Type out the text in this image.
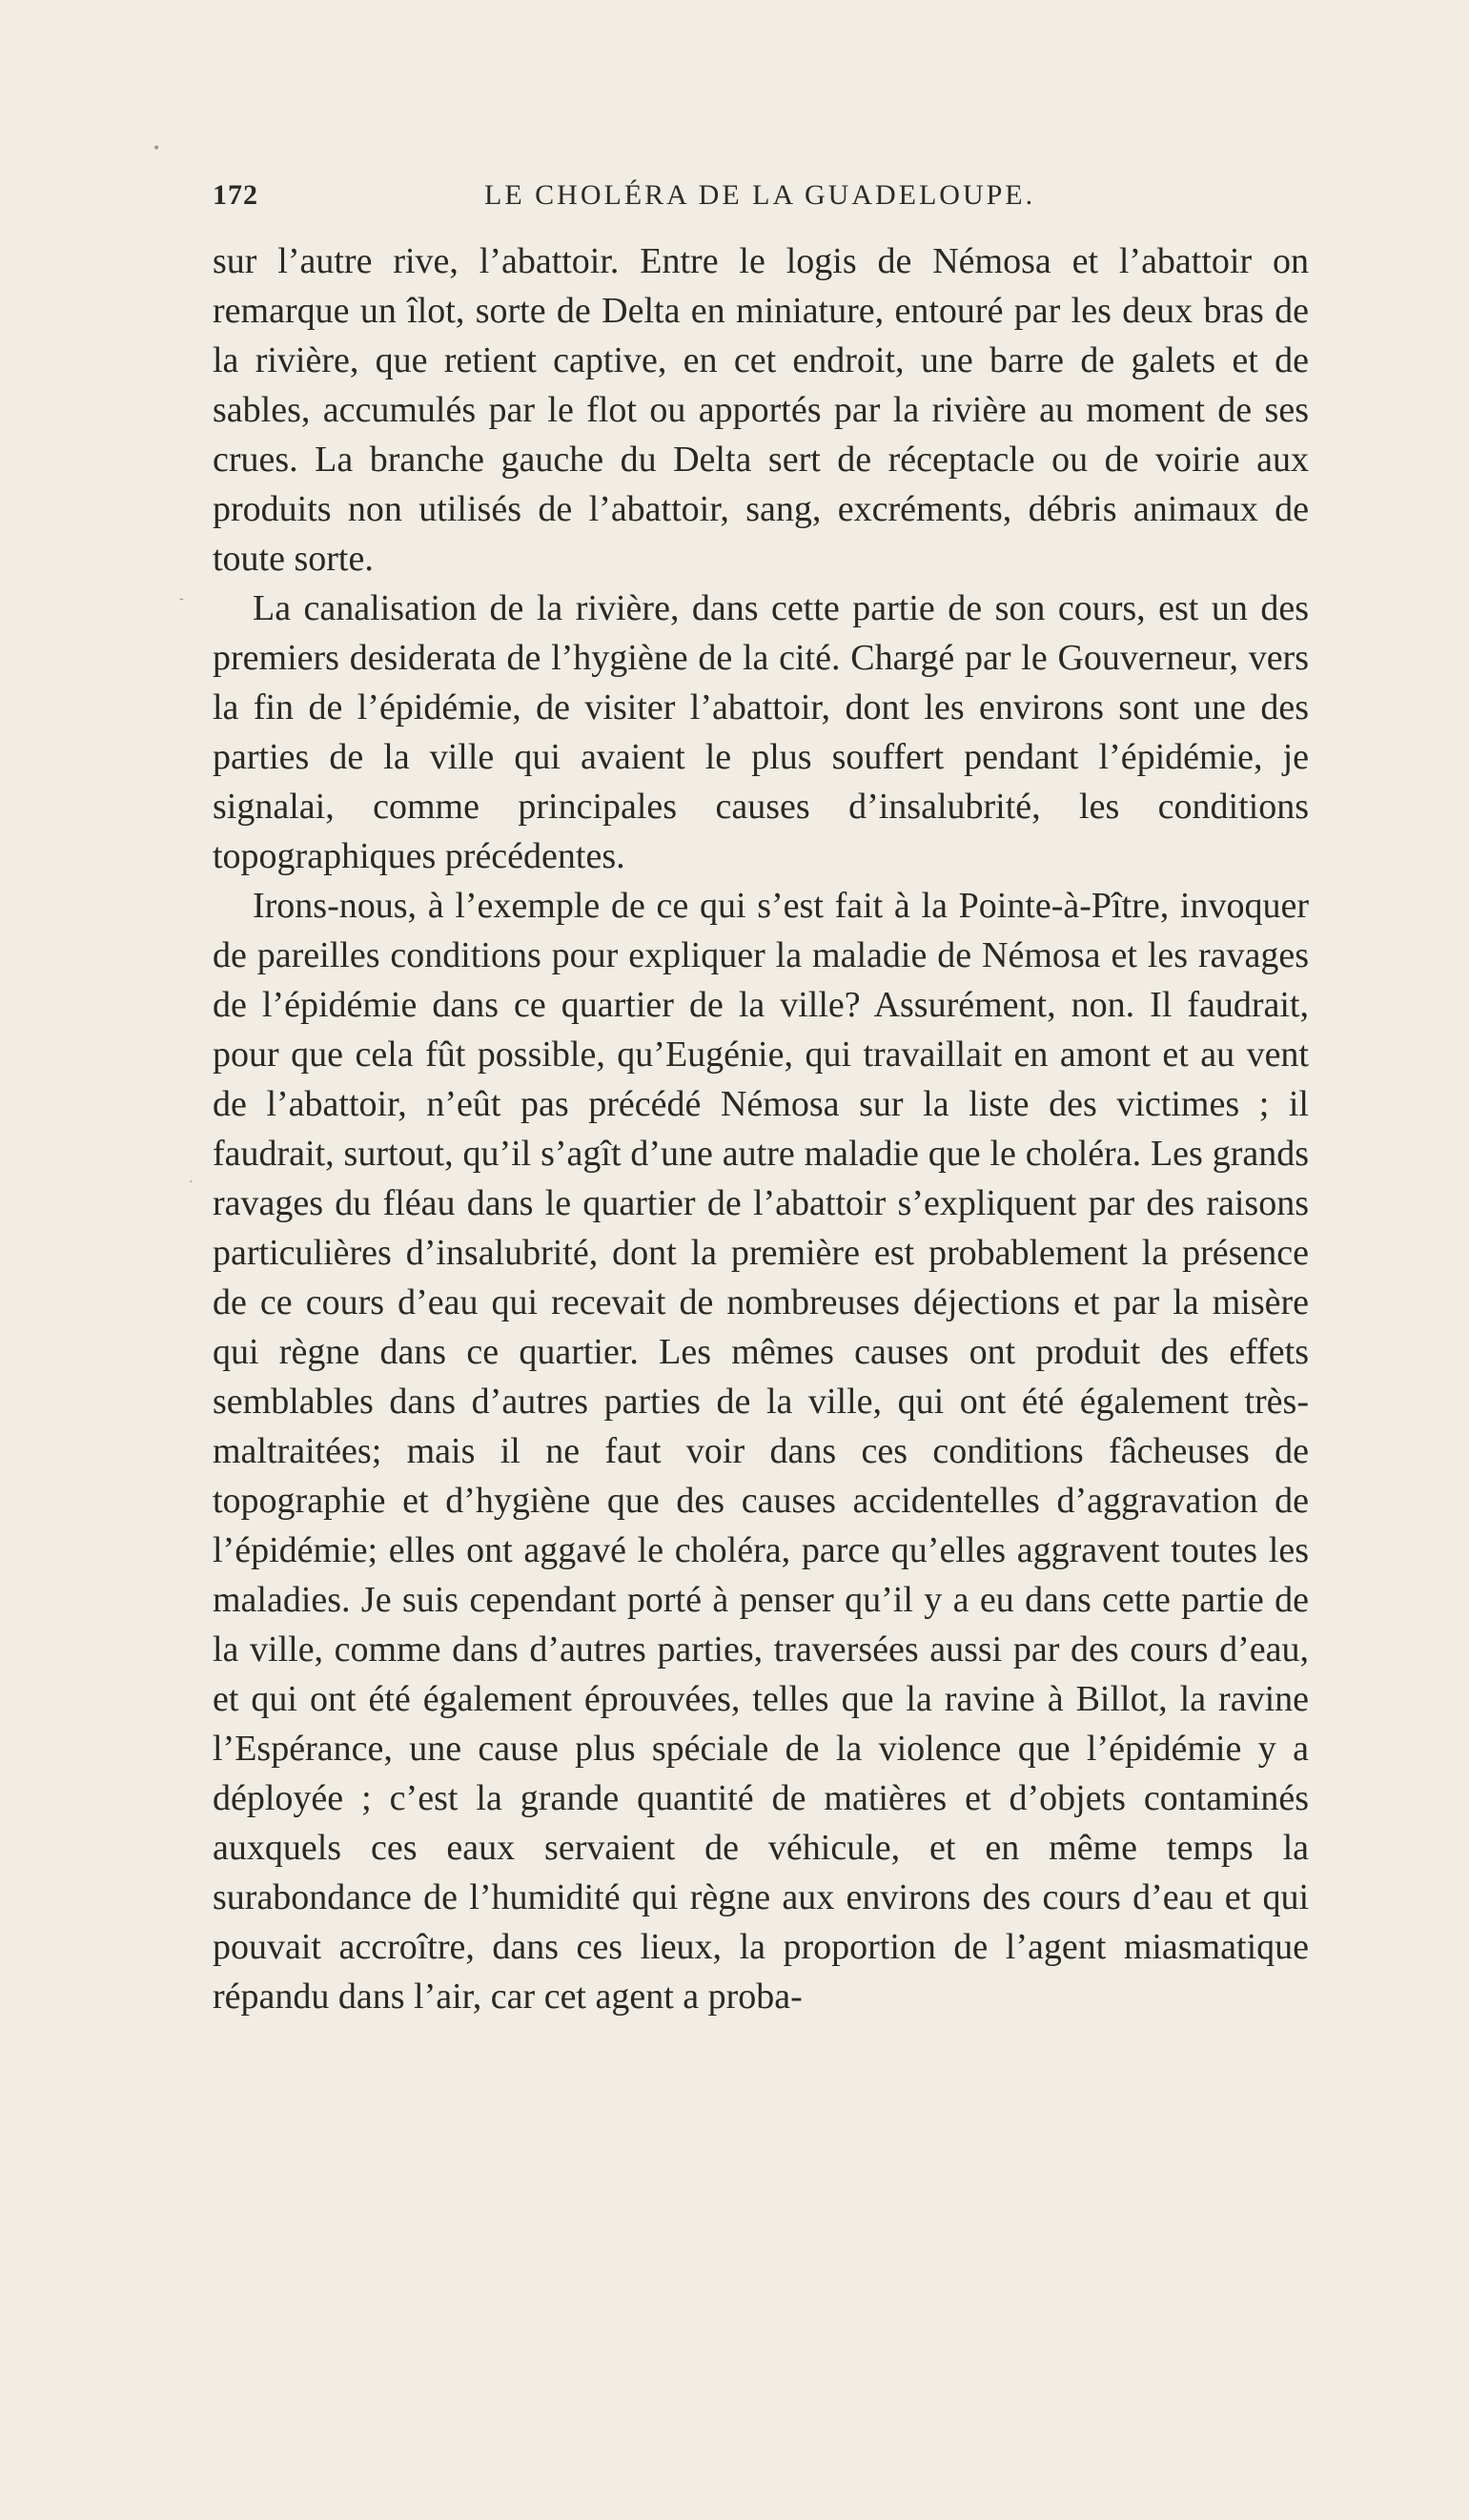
•
·
-
172	LE CHOLÉRA DE LA GUADELOUPE.

sur l’autre rive, l’abattoir. Entre le logis de Némosa et l’abattoir on remarque un îlot, sorte de Delta en miniature, entouré par les deux bras de la rivière, que retient captive, en cet endroit, une barre de galets et de sables, accumulés par le flot ou apportés par la rivière au moment de ses crues. La branche gauche du Delta sert de réceptacle ou de voirie aux produits non utilisés de l’abattoir, sang, excréments, débris animaux de toute sorte.

La canalisation de la rivière, dans cette partie de son cours, est un des premiers desiderata de l’hygiène de la cité. Chargé par le Gouverneur, vers la fin de l’épidémie, de visiter l’abattoir, dont les environs sont une des parties de la ville qui avaient le plus souffert pendant l’épidémie, je signalai, comme principales causes d’insalubrité, les conditions topographiques précédentes.

Irons-nous, à l’exemple de ce qui s’est fait à la Pointe-à-Pître, invoquer de pareilles conditions pour expliquer la maladie de Némosa et les ravages de l’épidémie dans ce quartier de la ville? Assurément, non. Il faudrait, pour que cela fût possible, qu’Eugénie, qui travaillait en amont et au vent de l’abattoir, n’eût pas précédé Némosa sur la liste des victimes ; il faudrait, surtout, qu’il s’agît d’une autre maladie que le choléra. Les grands ravages du fléau dans le quartier de l’abattoir s’expliquent par des raisons particulières d’insalubrité, dont la première est probablement la présence de ce cours d’eau qui recevait de nombreuses déjections et par la misère qui règne dans ce quartier. Les mêmes causes ont produit des effets semblables dans d’autres parties de la ville, qui ont été également très-maltraitées; mais il ne faut voir dans ces conditions fâcheuses de topographie et d’hygiène que des causes accidentelles d’aggravation de l’épidémie; elles ont aggavé le choléra, parce qu’elles aggravent toutes les maladies. Je suis cependant porté à penser qu’il y a eu dans cette partie de la ville, comme dans d’autres parties, traversées aussi par des cours d’eau, et qui ont été également éprouvées, telles que la ravine à Billot, la ravine l’Espérance, une cause plus spéciale de la violence que l’épidémie y a déployée ; c’est la grande quantité de matières et d’objets contaminés auxquels ces eaux servaient de véhicule, et en même temps la surabondance de l’humidité qui règne aux environs des cours d’eau et qui pouvait accroître, dans ces lieux, la proportion de l’agent miasmatique répandu dans l’air, car cet agent a proba-
